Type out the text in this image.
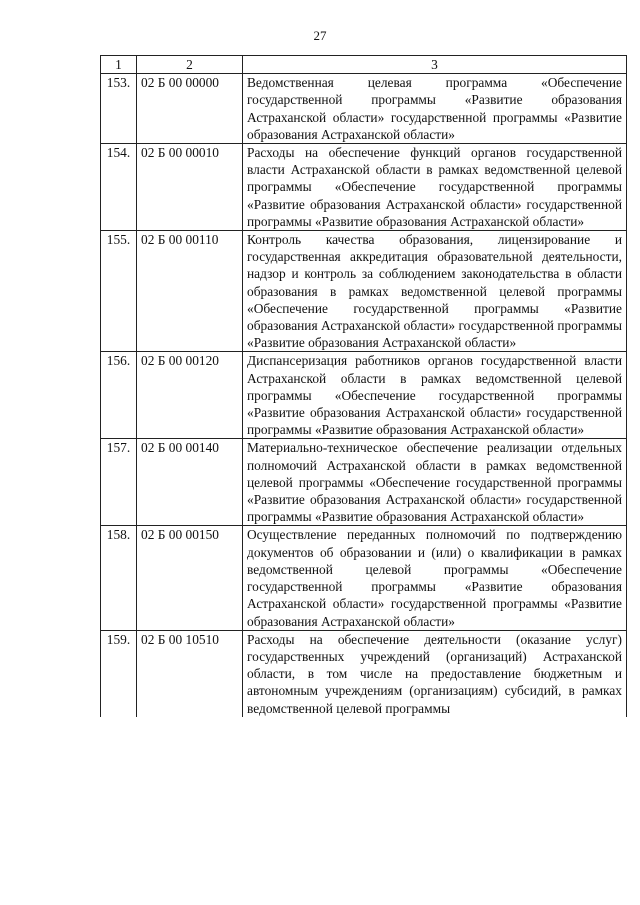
27
1	2	3
153.	02 Б 00 00000	Ведомственная целевая программа «Обеспечение государственной программы «Развитие образования Астраханской области» государственной программы «Развитие образования Астраханской области»
154.	02 Б 00 00010	Расходы на обеспечение функций органов государственной власти Астраханской области в рамках ведомственной целевой программы «Обеспечение государственной программы «Развитие образования Астраханской области» государственной программы «Развитие образования Астраханской области»
155.	02 Б 00 00110	Контроль качества образования, лицензирование и государственная аккредитация образовательной деятельности, надзор и контроль за соблюдением законодательства в области образования в рамках ведомственной целевой программы «Обеспечение государственной программы «Развитие образования Астраханской области» государственной программы «Развитие образования Астраханской области»
156.	02 Б 00 00120	Диспансеризация работников органов государственной власти Астраханской области в рамках ведомственной целевой программы «Обеспечение государственной программы «Развитие образования Астраханской области» государственной программы «Развитие образования Астраханской области»
157.	02 Б 00 00140	Материально-техническое обеспечение реализации отдельных полномочий Астраханской области в рамках ведомственной целевой программы «Обеспечение государственной программы «Развитие образования Астраханской области» государственной программы «Развитие образования Астраханской области»
158.	02 Б 00 00150	Осуществление переданных полномочий по подтверждению документов об образовании и (или) о квалификации в рамках ведомственной целевой программы «Обеспечение государственной программы «Развитие образования Астраханской области» государственной программы «Развитие образования Астраханской области»
159.	02 Б 00 10510	Расходы на обеспечение деятельности (оказание услуг) государственных учреждений (организаций) Астраханской области, в том числе на предоставление бюджетным и автономным учреждениям (организациям) субсидий, в рамках ведомственной целевой программы
